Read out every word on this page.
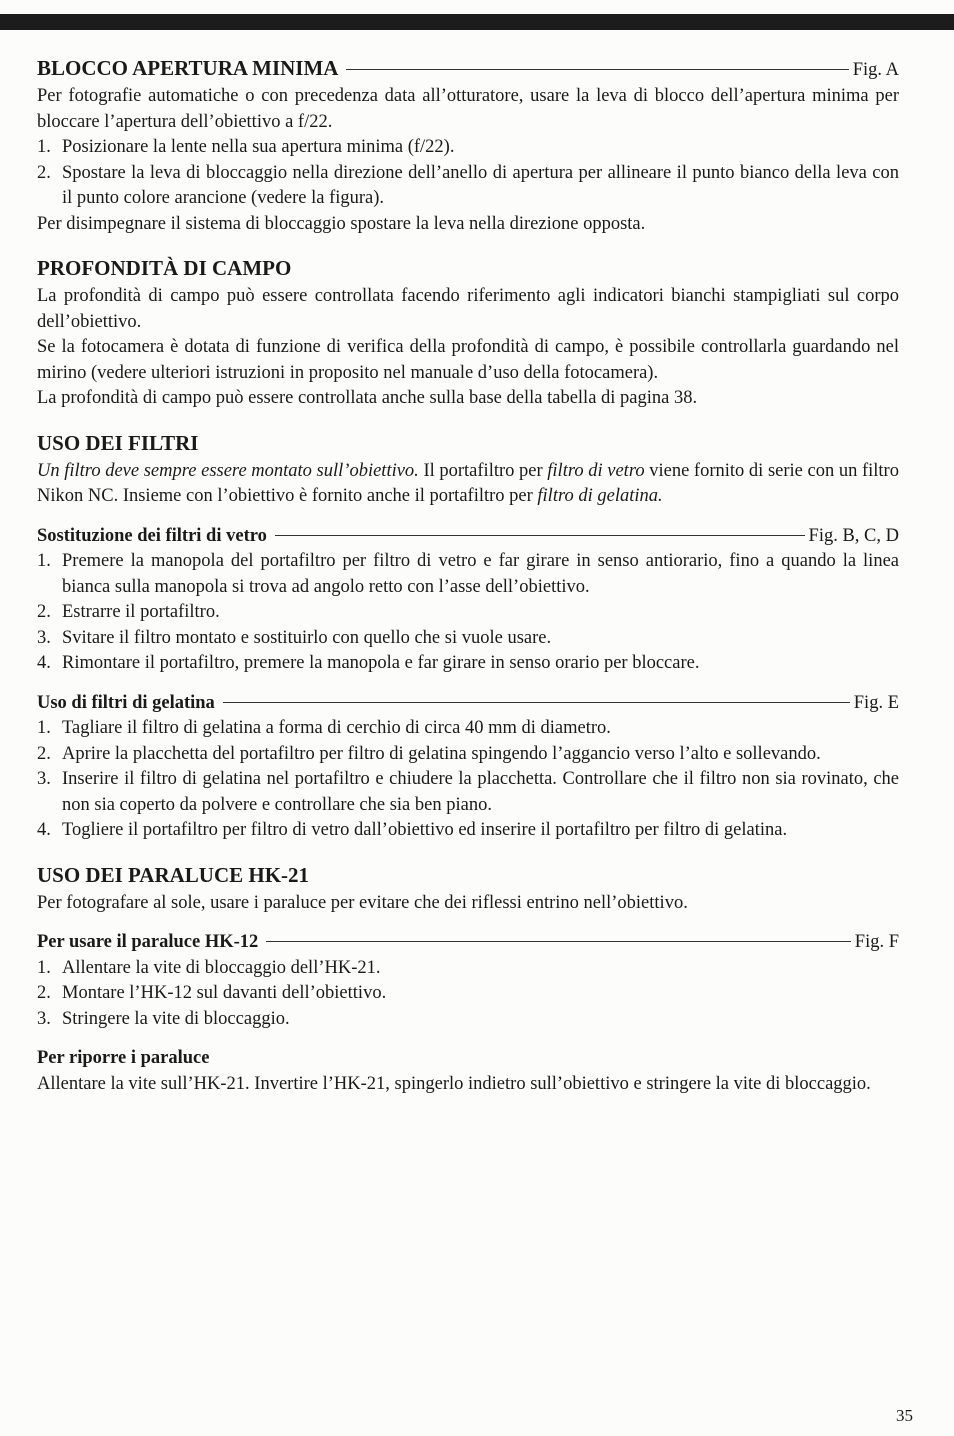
BLOCCO APERTURA MINIMA	Fig. A

Per fotografie automatiche o con precedenza data all’otturatore, usare la leva di blocco dell’apertura minima per bloccare l’apertura dell’obiettivo a f/22.

1. Posizionare la lente nella sua apertura minima (f/22).
2. Spostare la leva di bloccaggio nella direzione dell’anello di apertura per allineare il punto bianco della leva con il punto colore arancione (vedere la figura).

Per disimpegnare il sistema di bloccaggio spostare la leva nella direzione opposta.

PROFONDITÀ DI CAMPO

La profondità di campo può essere controllata facendo riferimento agli indicatori bianchi stampigliati sul corpo dell’obiettivo.

Se la fotocamera è dotata di funzione di verifica della profondità di campo, è possibile controllarla guardando nel mirino (vedere ulteriori istruzioni in proposito nel manuale d’uso della fotocamera).

La profondità di campo può essere controllata anche sulla base della tabella di pagina 38.

USO DEI FILTRI

Un filtro deve sempre essere montato sull’obiettivo. Il portafiltro per filtro di vetro viene fornito di serie con un filtro Nikon NC. Insieme con l’obiettivo è fornito anche il portafiltro per filtro di gelatina.

Sostituzione dei filtri di vetro	Fig. B, C, D
1. Premere la manopola del portafiltro per filtro di vetro e far girare in senso antiorario, fino a quando la linea bianca sulla manopola si trova ad angolo retto con l’asse dell’obiettivo.
2. Estrarre il portafiltro.
3. Svitare il filtro montato e sostituirlo con quello che si vuole usare.
4. Rimontare il portafiltro, premere la manopola e far girare in senso orario per bloccare.
Uso di filtri di gelatina	Fig. E
1. Tagliare il filtro di gelatina a forma di cerchio di circa 40 mm di diametro.
2. Aprire la placchetta del portafiltro per filtro di gelatina spingendo l’aggancio verso l’alto e sollevando.
3. Inserire il filtro di gelatina nel portafiltro e chiudere la placchetta. Controllare che il filtro non sia rovinato, che non sia coperto da polvere e controllare che sia ben piano.
4. Togliere il portafiltro per filtro di vetro dall’obiettivo ed inserire il portafiltro per filtro di gelatina.
USO DEI PARALUCE HK-21

Per fotografare al sole, usare i paraluce per evitare che dei riflessi entrino nell’obiettivo.

Per usare il paraluce HK-12	Fig. F
1. Allentare la vite di bloccaggio dell’HK-21.
2. Montare l’HK-12 sul davanti dell’obiettivo.
3. Stringere la vite di bloccaggio.
Per riporre i paraluce

Allentare la vite sull’HK-21. Invertire l’HK-21, spingerlo indietro sull’obiettivo e stringere la vite di bloccaggio.

35
